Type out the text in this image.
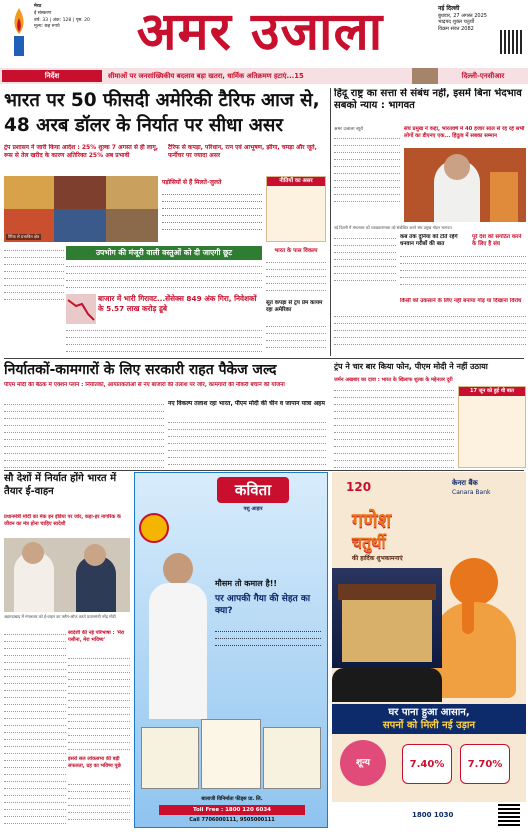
मेरठ
ई संस्करण
वर्ष: 33 | अंक: 128 | पृष्ठ: 20
मूल्य: छह रुपये	अमर उजाला	नई दिल्ली
बुधवार, 27 अगस्त 2025
भाद्रपद शुक्ल चतुर्थी
विक्रम संवत 2082
निर्देश	सीमाओं पर जनसांख्यिकीय बदलाव बड़ा खतरा, धार्मिक अतिक्रमण हटाएं...15	दिल्ली-एनसीआर
भारत पर 50 फीसदी अमेरिकी टैरिफ आज से, 48 अरब डॉलर के निर्यात पर सीधा असर
ट्रंप प्रशासन ने जारी किया आदेश : 25% शुल्क 7 अगस्त से ही लागू, रूस से तेल खरीद के कारण अतिरिक्त 25% अब प्रभावी
टैरिफ से कपड़ा, परिधान, रत्न एवं आभूषण, झींगा, चमड़ा और जूते, फर्नीचर पर ज्यादा असर
टैरिफ से प्रभावित क्षेत्र
पड़ोसियों से हैं मिलते-जुलते	नीतियों का असर
उपभोग की मंजूरी वाली वस्तुओं को दी जाएगी छूट
बाजार में भारी गिरावट...सेंसेक्स 849 अंक गिरा, निवेशकों के 5.57 लाख करोड़ डूबे
भारत के पास विकल्प
सूत कपड़ा से ट्रंप प्रेम कायम रहा अमेरिका
हिंदू राष्ट्र का सत्ता से संबंध नहीं, इसमें बिना भेदभाव सबको न्याय : भागवत
अमर उजाला ब्यूरो	संघ प्रमुख ने कहा, भारतवर्ष में 40 हजार साल से रह रहे सभी लोगों का डीएनए एक... हिंदुत्व में सबका सम्मान
नई दिल्ली में मंगलवार को व्याख्यानमाला को संबोधित करते संघ प्रमुख मोहन भागवत
कब तक दुनिया को टोते रहेंगे धनवान गरीबों की बात
पूरे देश को संगठित करने के लिए है संघ
किसी को उकसाने के लिए नहीं बनाया गोड़ या दिखाना विरोध
निर्यातकों-कामगारों के लिए सरकारी राहत पैकेज जल्द
पीएम मोदी की बैठक में एक्शन प्लान : निर्यातकों, आयातकर्ताओं से नए बाजारों की तलाश पर जोर, कामगारों की नौकरी बचाने की योजना
नए विकल्प तलाश रहा भारत, पीएम मोदी की चीन व जापान यात्रा अहम
ट्रंप ने चार बार किया फोन, पीएम मोदी ने नहीं उठाया
जर्मन अखबार का दावा : भारत के खिलाफ शुल्क के मद्देनजर दूरी
17 जून को हुई थी बात
सौ देशों में निर्यात होंगे भारत में तैयार ई-वाहन
प्रधानमंत्री मोदी का मेक इन इंडिया पर जोर, कहा-हर नागरिक के जीवन का मंत्र होना चाहिए स्वदेशी
अहमदाबाद में मंगलवार को ई-वाहन का फ्लैग-ऑफ करते प्रधानमंत्री नरेंद्र मोदी
स्वदेशी की नई परिभाषा : 'मेरा पसीना, मेरा भविष्य'
इसरो सल लोकसभा की बड़ी सफलता, ग्रह का भविष्य पूछे
कविता
पशु आहार
मौसम तो कमाल है!!
पर आपकी गैया की सेहत का क्या?
बालाजी विनिर्माता फीड्स प्रा. लि.
Toll Free : 1800 120 6034
Call 7706000111, 9505000111
120	केनरा बैंक
Canara Bank
गणेश
चतुर्थी
की हार्दिक शुभकामनाएं
घर पाना हुआ आसान,
सपनों को मिली नई उड़ान
शून्य	7.40%	7.70%
1800 1030
